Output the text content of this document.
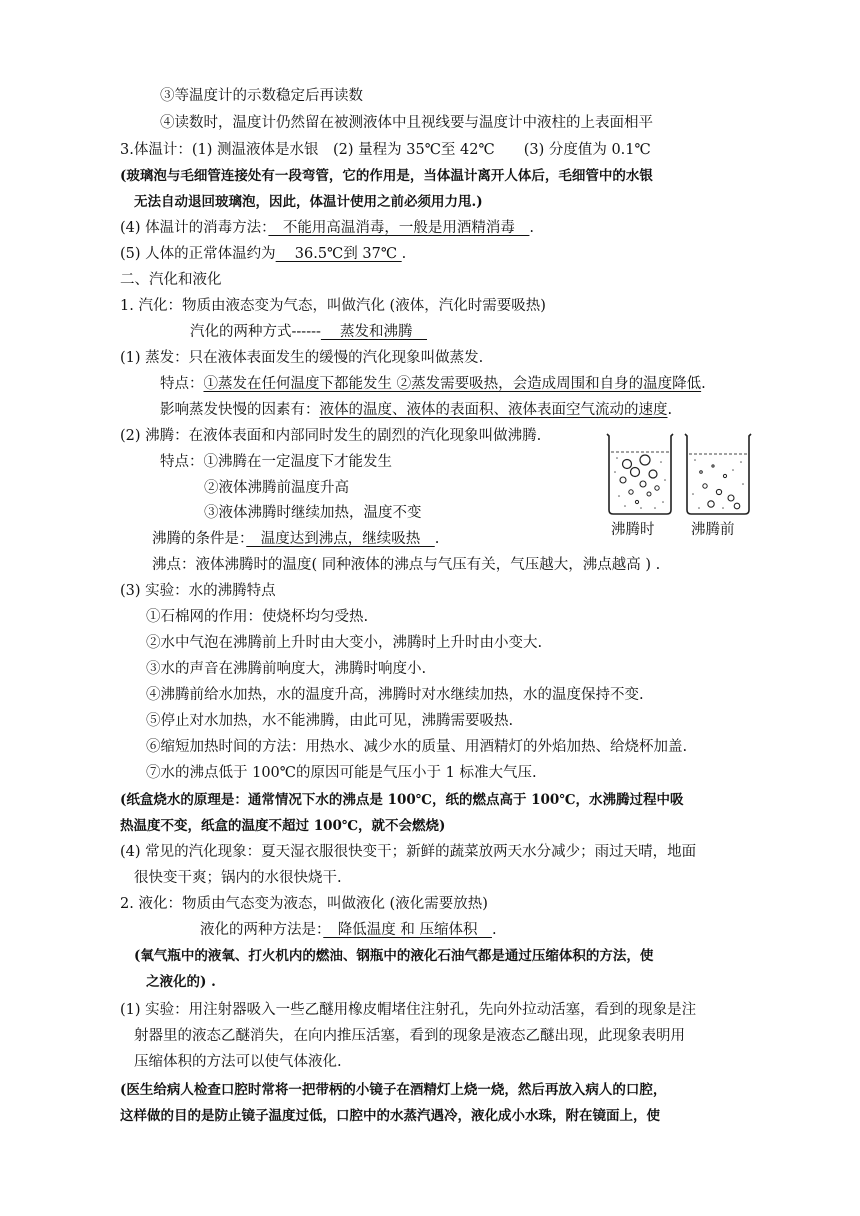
③等温度计的示数稳定后再读数
④读数时，温度计仍然留在被测液体中且视线要与温度计中液柱的上表面相平
3.体温计：(1) 测温液体是水银　(2) 量程为 35℃至 42℃　　(3) 分度值为 0.1℃
(玻璃泡与毛细管连接处有一段弯管，它的作用是，当体温计离开人体后，毛细管中的水银
无法自动退回玻璃泡，因此，体温计使用之前必须用力甩.)
(4) 体温计的消毒方法：　不能用高温消毒，一般是用酒精消毒　.
(5) 人体的正常体温约为　 36.5℃到 37℃ .
二、汽化和液化
1. 汽化：物质由液态变为气态，叫做汽化 (液体，汽化时需要吸热)
汽化的两种方式------　 蒸发和沸腾　
(1) 蒸发：只在液体表面发生的缓慢的汽化现象叫做蒸发.
特点：①蒸发在任何温度下都能发生 ②蒸发需要吸热，会造成周围和自身的温度降低.
影响蒸发快慢的因素有：液体的温度、液体的表面积、液体表面空气流动的速度.
(2) 沸腾：在液体表面和内部同时发生的剧烈的汽化现象叫做沸腾.
特点：①沸腾在一定温度下才能发生
②液体沸腾前温度升高
③液体沸腾时继续加热，温度不变
沸腾的条件是：　温度达到沸点，继续吸热　.
沸点：液体沸腾时的温度( 同种液体的沸点与气压有关，气压越大，沸点越高 ) .
(3) 实验：水的沸腾特点
①石棉网的作用：使烧杯均匀受热.
②水中气泡在沸腾前上升时由大变小，沸腾时上升时由小变大.
③水的声音在沸腾前响度大，沸腾时响度小.
④沸腾前给水加热，水的温度升高，沸腾时对水继续加热，水的温度保持不变.
⑤停止对水加热，水不能沸腾，由此可见，沸腾需要吸热.
⑥缩短加热时间的方法：用热水、减少水的质量、用酒精灯的外焰加热、给烧杯加盖.
⑦水的沸点低于 100℃的原因可能是气压小于 1 标准大气压.
(纸盒烧水的原理是：通常情况下水的沸点是 100℃，纸的燃点高于 100℃，水沸腾过程中吸
热温度不变，纸盒的温度不超过 100℃，就不会燃烧)
(4) 常见的汽化现象：夏天湿衣服很快变干；新鲜的蔬菜放两天水分减少；雨过天晴，地面
很快变干爽；锅内的水很快烧干.
2. 液化：物质由气态变为液态，叫做液化 (液化需要放热)
液化的两种方法是：　降低温度 和 压缩体积　.
(氧气瓶中的液氧、打火机内的燃油、钢瓶中的液化石油气都是通过压缩体积的方法，使
之液化的) .
(1) 实验：用注射器吸入一些乙醚用橡皮帽堵住注射孔，先向外拉动活塞，看到的现象是注
射器里的液态乙醚消失，在向内推压活塞，看到的现象是液态乙醚出现，此现象表明用
压缩体积的方法可以使气体液化.
(医生给病人检查口腔时常将一把带柄的小镜子在酒精灯上烧一烧，然后再放入病人的口腔，
这样做的目的是防止镜子温度过低，口腔中的水蒸汽遇冷，液化成小水珠，附在镜面上，使
沸腾时	沸腾前
